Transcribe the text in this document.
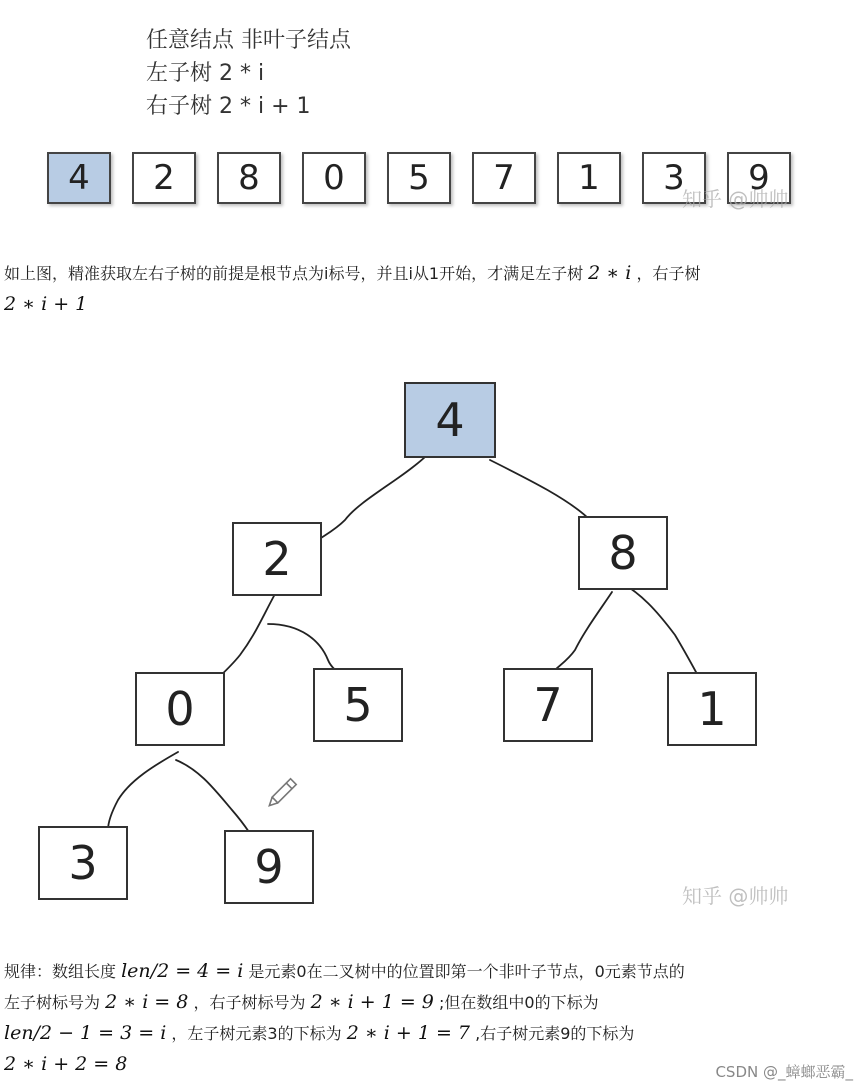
任意结点 非叶子结点
左子树 2 * i
右子树 2 * i + 1
4	2	8	0	5	7	1	3	9
知乎 @帅帅
如上图，精准获取左右子树的前提是根节点为i标号，并且i从1开始，才满足左子树 2 ∗ i ，右子树
2 ∗ i + 1
4
2	8
0	5	7	1
3	9
知乎 @帅帅
规律：数组长度 len/2 = 4 = i 是元素0在二叉树中的位置即第一个非叶子节点，0元素节点的
左子树标号为 2 ∗ i = 8 ，右子树标号为 2 ∗ i + 1 = 9 ;但在数组中0的下标为
len/2 − 1 = 3 = i ，左子树元素3的下标为 2 ∗ i + 1 = 7 ,右子树元素9的下标为
2 ∗ i + 2 = 8	CSDN @_蟑螂恶霸_
